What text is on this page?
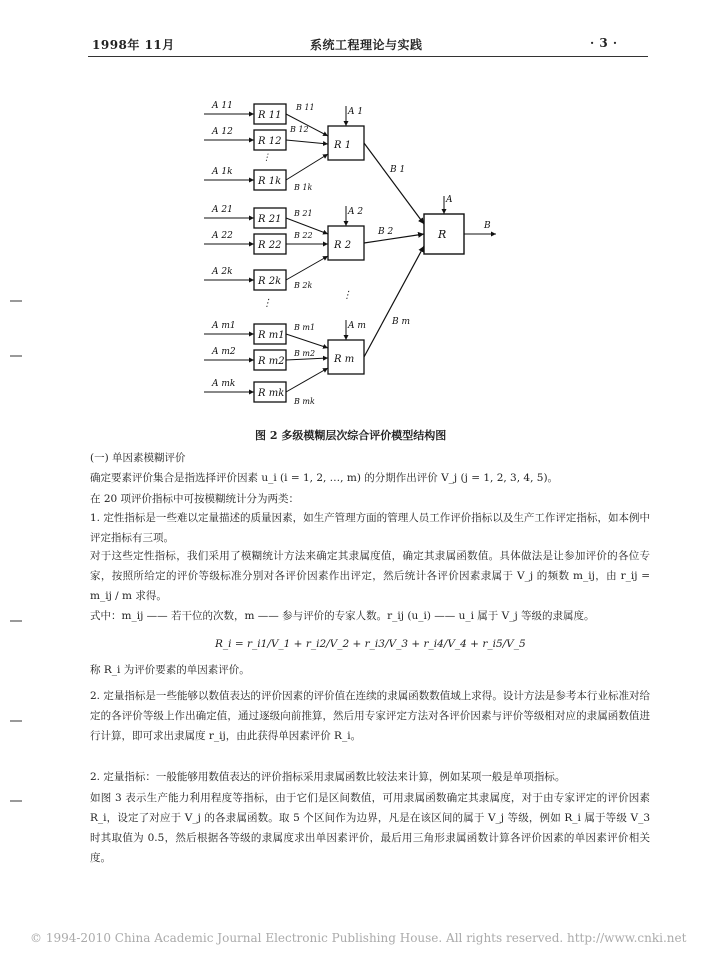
1998年 11月	系统工程理论与实践	· 3 ·
A 11
A 12
A 1k
R 11
R 12
R 1k
B 11
B 12
B 1k
⋮
A 1
R 1
A 21
A 22
A 2k
R 21
R 22
R 2k
B 21
B 22
B 2k
A 2
R 2
⋮
⋮
A m1
A m2
A mk
R m1
R m2
R mk
B m1
B m2
B mk
A m
R m
B 1
B 2
B m
A
R
B
图 2 多级模糊层次综合评价模型结构图
(一) 单因素模糊评价
确定要素评价集合是指选择评价因素 u_i (i = 1, 2, …, m) 的分期作出评价 V_j (j = 1, 2, 3, 4, 5)。
在 20 项评价指标中可按模糊统计分为两类：
1. 定性指标是一些难以定量描述的质量因素，如生产管理方面的管理人员工作评价指标以及生产工作评定指标，如本例中评定指标有三项。
对于这些定性指标，我们采用了模糊统计方法来确定其隶属度值，确定其隶属函数值。具体做法是让参加评价的各位专家，按照所给定的评价等级标准分别对各评价因素作出评定，然后统计各评价因素隶属于 V_j 的频数 m_ij，由 r_ij = m_ij / m 求得。
式中：m_ij —— 若干位的次数，m —— 参与评价的专家人数。r_ij (u_i) —— u_i 属于 V_j 等级的隶属度。
R_i = r_i1/V_1 + r_i2/V_2 + r_i3/V_3 + r_i4/V_4 + r_i5/V_5
称 R_i 为评价要素的单因素评价。
2. 定量指标是一些能够以数值表达的评价因素的评价值在连续的隶属函数数值域上求得。设计方法是参考本行业标准对给定的各评价等级上作出确定值，通过逐级向前推算，然后用专家评定方法对各评价因素与评价等级相对应的隶属函数值进行计算，即可求出隶属度 r_ij，由此获得单因素评价 R_i。
2. 定量指标：一般能够用数值表达的评价指标采用隶属函数比较法来计算，例如某项一般是单项指标。
如图 3 表示生产能力利用程度等指标，由于它们是区间数值，可用隶属函数确定其隶属度，对于由专家评定的评价因素 R_i，设定了对应于 V_j 的各隶属函数。取 5 个区间作为边界，凡是在该区间的属于 V_j 等级，例如 R_i 属于等级 V_3 时其取值为 0.5，然后根据各等级的隶属度求出单因素评价，最后用三角形隶属函数计算各评价因素的单因素评价相关度。
© 1994-2010 China Academic Journal Electronic Publishing House. All rights reserved. http://www.cnki.net
